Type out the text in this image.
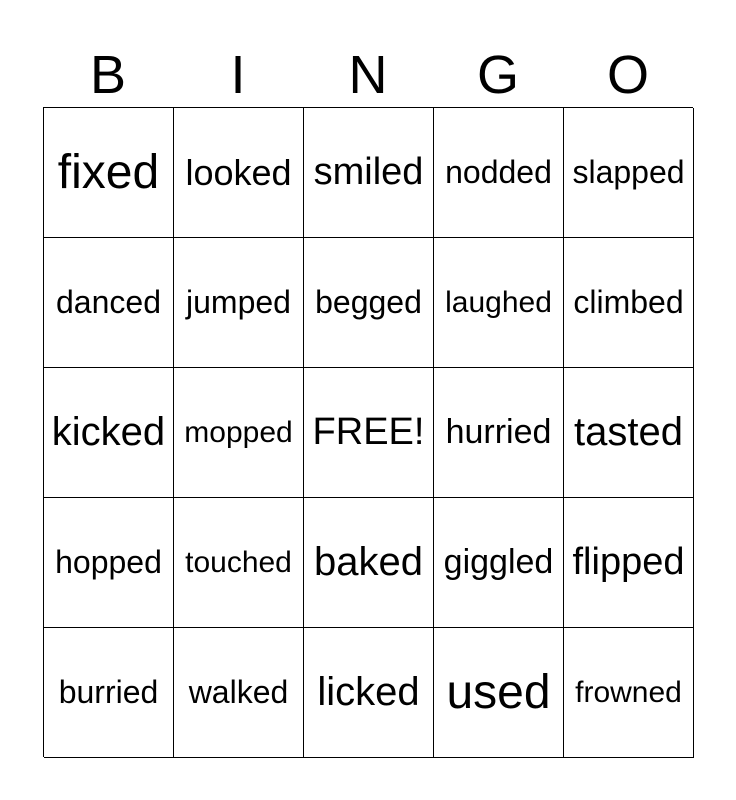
B	I	N	G	O
fixed looked smiled nodded slapped
danced jumped begged laughed climbed
kicked mopped FREE! hurried tasted
hopped touched baked giggled flipped
burried walked licked used frowned
